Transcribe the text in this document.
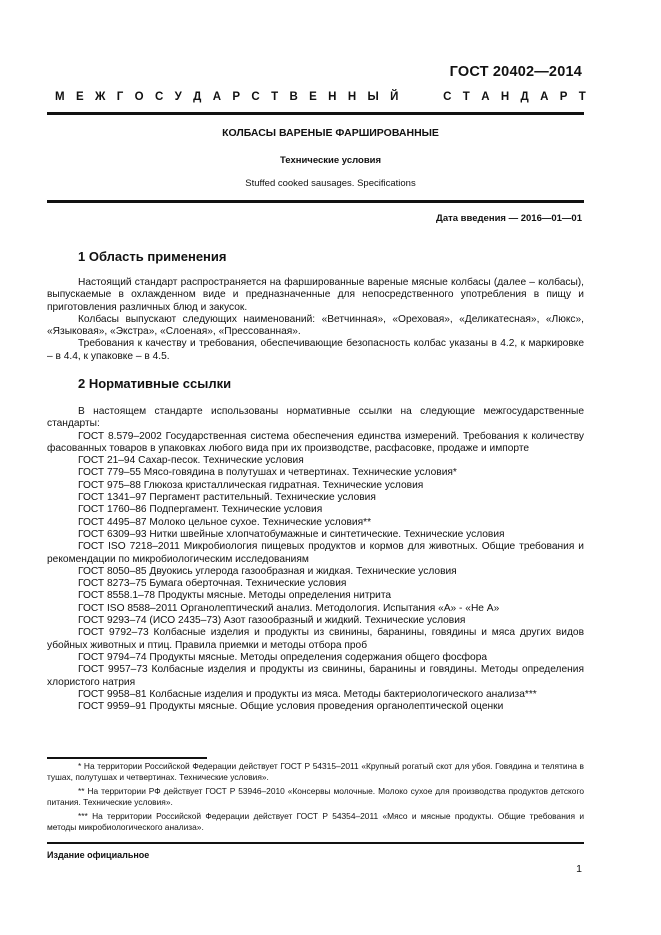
ГОСТ 20402—2014
М Е Ж Г О С У Д А Р С Т В Е Н Н Ы Й	С Т А Н Д А Р Т
КОЛБАСЫ ВАРЕНЫЕ ФАРШИРОВАННЫЕ
Технические условия
Stuffed cooked sausages. Specifications
Дата введения — 2016—01—01
1 Область применения

Настоящий стандарт распространяется на фаршированные вареные мясные колбасы (далее – колбасы), выпускаемые в охлажденном виде и предназначенные для непосредственного употребления в пищу и приготовления различных блюд и закусок.

Колбасы выпускают следующих наименований: «Ветчинная», «Ореховая», «Деликатесная», «Люкс», «Языковая», «Экстра», «Слоеная», «Прессованная».

Требования к качеству и требования, обеспечивающие безопасность колбас указаны в 4.2, к маркировке – в 4.4, к упаковке – в 4.5.

2 Нормативные ссылки

В настоящем стандарте использованы нормативные ссылки на следующие межгосударственные стандарты:

ГОСТ 8.579–2002 Государственная система обеспечения единства измерений. Требования к количеству фасованных товаров в упаковках любого вида при их производстве, расфасовке, продаже и импорте

ГОСТ 21–94 Сахар-песок. Технические условия

ГОСТ 779–55 Мясо-говядина в полутушах и четвертинах. Технические условия*

ГОСТ 975–88 Глюкоза кристаллическая гидратная. Технические условия

ГОСТ 1341–97 Пергамент растительный. Технические условия

ГОСТ 1760–86 Подпергамент. Технические условия

ГОСТ 4495–87 Молоко цельное сухое. Технические условия**

ГОСТ 6309–93 Нитки швейные хлопчатобумажные и синтетические. Технические условия

ГОСТ ISO 7218–2011 Микробиология пищевых продуктов и кормов для животных. Общие требования и рекомендации по микробиологическим исследованиям

ГОСТ 8050–85 Двуокись углерода газообразная и жидкая. Технические условия

ГОСТ 8273–75 Бумага оберточная. Технические условия

ГОСТ 8558.1–78 Продукты мясные. Методы определения нитрита

ГОСТ ISO 8588–2011 Органолептический анализ. Методология. Испытания «А» - «Не А»

ГОСТ 9293–74 (ИСО 2435–73) Азот газообразный и жидкий. Технические условия

ГОСТ 9792–73 Колбасные изделия и продукты из свинины, баранины, говядины и мяса других видов убойных животных и птиц. Правила приемки и методы отбора проб

ГОСТ 9794–74 Продукты мясные. Методы определения содержания общего фосфора

ГОСТ 9957–73 Колбасные изделия и продукты из свинины, баранины и говядины. Методы определения хлористого натрия

ГОСТ 9958–81 Колбасные изделия и продукты из мяса. Методы бактериологического анализа***

ГОСТ 9959–91 Продукты мясные. Общие условия проведения органолептической оценки

* На территории Российской Федерации действует ГОСТ Р 54315–2011 «Крупный рогатый скот для убоя. Говядина и телятина в тушах, полутушах и четвертинах. Технические условия».

** На территории РФ действует ГОСТ Р 53946–2010 «Консервы молочные. Молоко сухое для производства продуктов детского питания. Технические условия».

*** На территории Российской Федерации действует ГОСТ Р 54354–2011 «Мясо и мясные продукты. Общие требования и методы микробиологического анализа».

Издание официальное
1
